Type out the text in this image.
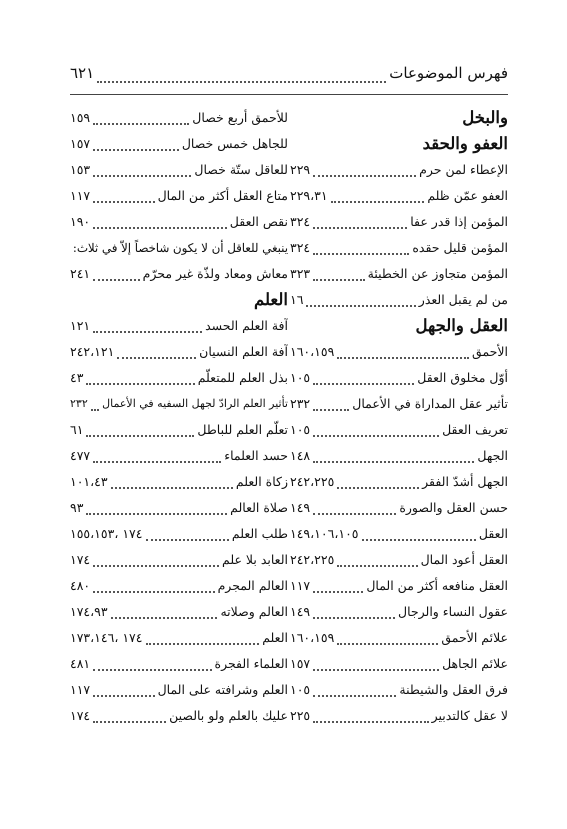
فهرس الموضوعات
٦٢١
والبخل
العفو والحقد
الإعطاء لمن حرم
٢٢٩
العفو عمّن ظلم
٢٢٩،٣١
المؤمن إذا قدر عفا
٣٢٤
المؤمن قليل حقده
٣٢٤
المؤمن متجاوز عن الخطيئة
٣٢٣
من لم يقبل العذر
١٦
العقل والجهل
الأحمق
١٦٠،١٥٩
أوّل مخلوق العقل
١٠٥
تأثير عقل المداراة في الأعمال
٢٣٢
تعريف العقل
١٠٥
الجهل
١٤٨
الجهل أشدّ الفقر
٢٤٢،٢٢٥
حسن العقل والصورة
١٤٩
العقل
١٤٩،١٠٦،١٠٥
العقل أعود المال
٢٤٢،٢٢٥
العقل منافعه أكثر من المال
١١٧
عقول النساء والرجال
١٤٩
علائم الأحمق
١٦٠،١٥٩
علائم الجاهل
١٥٧
فرق العقل والشيطنة
١٠٥
لا عقل كالتدبير
٢٢٥
للأحمق أربع خصال
١٥٩
للجاهل خمس خصال
١٥٧
للعاقل ستّة خصال
١٥٣
متاع العقل أكثر من المال
١١٧
نقص العقل
١٩٠
ينبغي للعاقل أن لا يكون شاخصاً إلاّ في ثلاث:
معاش ومعاد ولذّة غير محرّم
٢٤١
العلم
آفة العلم الحسد
١٢١
آفة العلم النسيان
٢٤٢،١٢١
بذل العلم للمتعلّم
٤٣
تأثير العلم الرادّ لجهل السفيه في الأعمال
٢٣٢
تعلّم العلم للباطل
٦١
حسد العلماء
٤٧٧
زكاة العلم
١٠١،٤٣
صلاة العالم
٩٣
طلب العلم
١٧٤ ،١٥٥،١٥٣
العابد بلا علم
١٧٤
العالم المجرم
٤٨٠
العالم وصلاته
١٧٤،٩٣
العلم
١٧٤ ،١٧٣،١٤٦
العلماء الفجرة
٤٨١
العلم وشرافته على المال
١١٧
عليك بالعلم ولو بالصين
١٧٤
